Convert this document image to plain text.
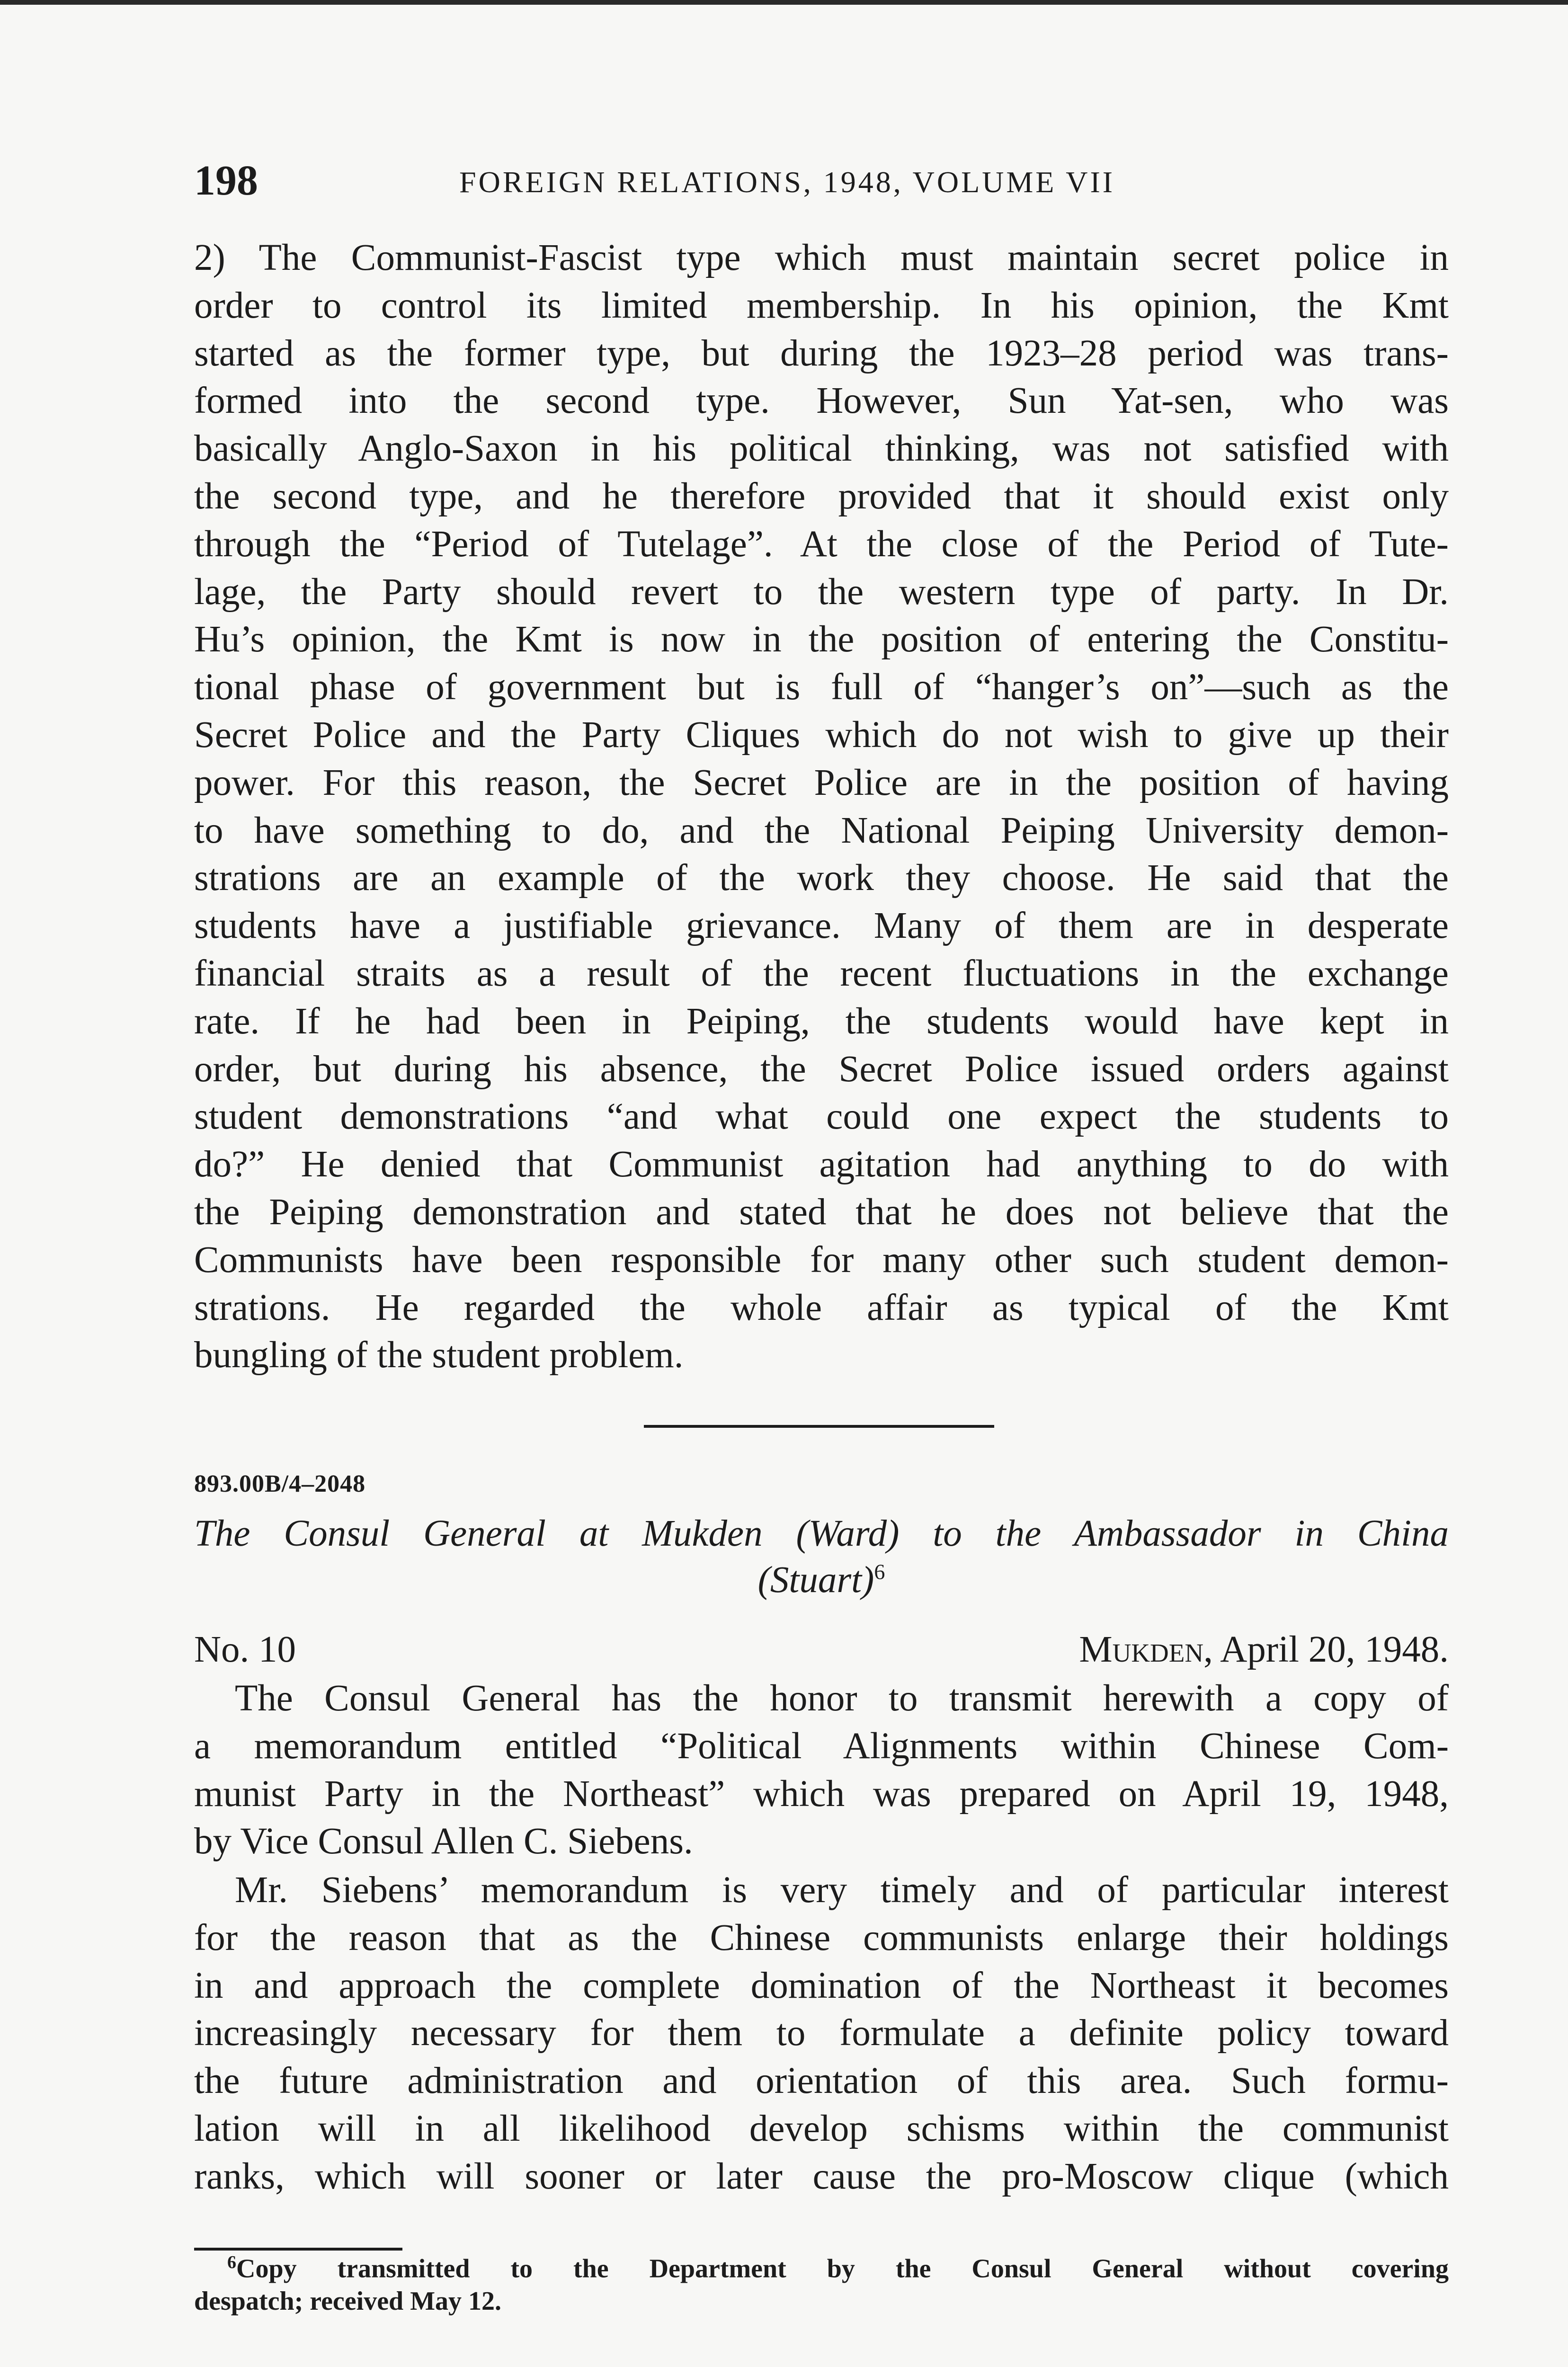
198	FOREIGN RELATIONS, 1948, VOLUME VII

2) The Communist-Fascist type which must maintain secret police in

order to control its limited membership. In his opinion, the Kmt

started as the former type, but during the 1923–28 period was trans-

formed into the second type. However, Sun Yat-sen, who was

basically Anglo-Saxon in his political thinking, was not satisfied with

the second type, and he therefore provided that it should exist only

through the “Period of Tutelage”. At the close of the Period of Tute-

lage, the Party should revert to the western type of party. In Dr.

Hu’s opinion, the Kmt is now in the position of entering the Constitu-

tional phase of government but is full of “hanger’s on”—such as the

Secret Police and the Party Cliques which do not wish to give up their

power. For this reason, the Secret Police are in the position of having

to have something to do, and the National Peiping University demon-

strations are an example of the work they choose. He said that the

students have a justifiable grievance. Many of them are in desperate

financial straits as a result of the recent fluctuations in the exchange

rate. If he had been in Peiping, the students would have kept in

order, but during his absence, the Secret Police issued orders against

student demonstrations “and what could one expect the students to

do?” He denied that Communist agitation had anything to do with

the Peiping demonstration and stated that he does not believe that the

Communists have been responsible for many other such student demon-

strations. He regarded the whole affair as typical of the Kmt

bungling of the student problem.

893.00B/4–2048
The Consul General at Mukden (Ward) to the Ambassador in China
(Stuart)$^6$
No. 10	Mukden, April 20, 1948.

The Consul General has the honor to transmit herewith a copy of

a memorandum entitled “Political Alignments within Chinese Com-

munist Party in the Northeast” which was prepared on April 19, 1948,

by Vice Consul Allen C. Siebens.

Mr. Siebens’ memorandum is very timely and of particular interest

for the reason that as the Chinese communists enlarge their holdings

in and approach the complete domination of the Northeast it becomes

increasingly necessary for them to formulate a definite policy toward

the future administration and orientation of this area. Such formu-

lation will in all likelihood develop schisms within the communist

ranks, which will sooner or later cause the pro-Moscow clique (which

$^6$Copy transmitted to the Department by the Consul General without covering
despatch; received May 12.
